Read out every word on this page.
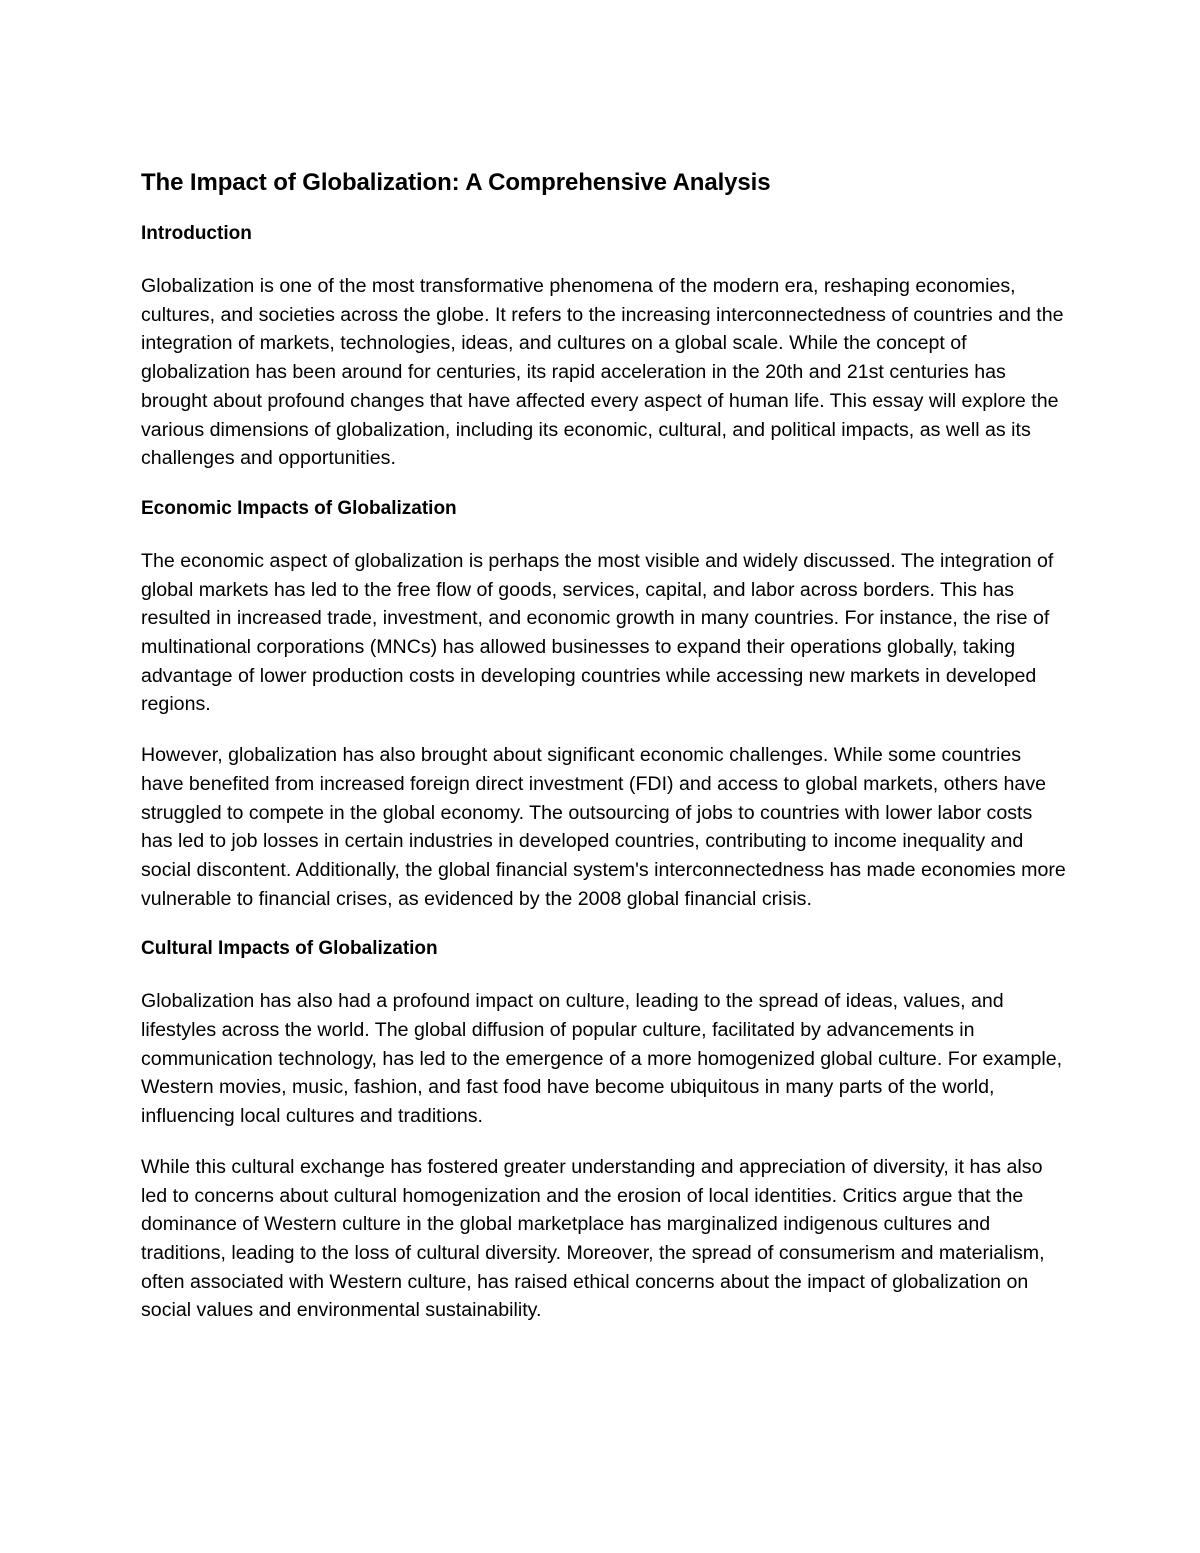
The Impact of Globalization: A Comprehensive Analysis
Introduction

Globalization is one of the most transformative phenomena of the modern era, reshaping economies, cultures, and societies across the globe. It refers to the increasing interconnectedness of countries and the integration of markets, technologies, ideas, and cultures on a global scale. While the concept of globalization has been around for centuries, its rapid acceleration in the 20th and 21st centuries has brought about profound changes that have affected every aspect of human life. This essay will explore the various dimensions of globalization, including its economic, cultural, and political impacts, as well as its challenges and opportunities.

Economic Impacts of Globalization

The economic aspect of globalization is perhaps the most visible and widely discussed. The integration of global markets has led to the free flow of goods, services, capital, and labor across borders. This has resulted in increased trade, investment, and economic growth in many countries. For instance, the rise of multinational corporations (MNCs) has allowed businesses to expand their operations globally, taking advantage of lower production costs in developing countries while accessing new markets in developed regions.

However, globalization has also brought about significant economic challenges. While some countries have benefited from increased foreign direct investment (FDI) and access to global markets, others have struggled to compete in the global economy. The outsourcing of jobs to countries with lower labor costs has led to job losses in certain industries in developed countries, contributing to income inequality and social discontent. Additionally, the global financial system's interconnectedness has made economies more vulnerable to financial crises, as evidenced by the 2008 global financial crisis.

Cultural Impacts of Globalization

Globalization has also had a profound impact on culture, leading to the spread of ideas, values, and lifestyles across the world. The global diffusion of popular culture, facilitated by advancements in communication technology, has led to the emergence of a more homogenized global culture. For example, Western movies, music, fashion, and fast food have become ubiquitous in many parts of the world, influencing local cultures and traditions.

While this cultural exchange has fostered greater understanding and appreciation of diversity, it has also led to concerns about cultural homogenization and the erosion of local identities. Critics argue that the dominance of Western culture in the global marketplace has marginalized indigenous cultures and traditions, leading to the loss of cultural diversity. Moreover, the spread of consumerism and materialism, often associated with Western culture, has raised ethical concerns about the impact of globalization on social values and environmental sustainability.
